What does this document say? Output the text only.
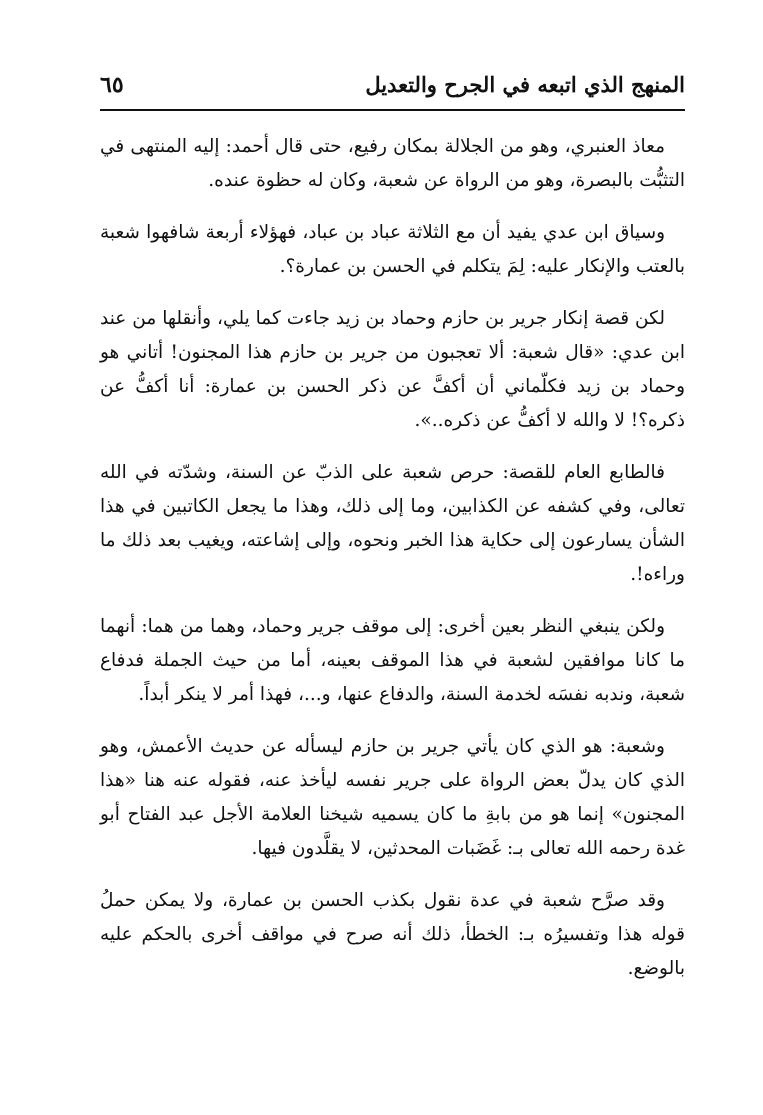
المنهج الذي اتبعه في الجرح والتعديل
٦٥

معاذ العنبري، وهو من الجلالة بمكان رفيع، حتى قال أحمد: إليه المنتهى في التثبُّت بالبصرة، وهو من الرواة عن شعبة، وكان له حظوة عنده.

وسياق ابن عدي يفيد أن مع الثلاثة عباد بن عباد، فهؤلاء أربعة شافهوا شعبة بالعتب والإنكار عليه: لِمَ يتكلم في الحسن بن عمارة؟.

لكن قصة إنكار جرير بن حازم وحماد بن زيد جاءت كما يلي، وأنقلها من عند ابن عدي: «قال شعبة: ألا تعجبون من جرير بن حازم هذا المجنون! أتاني هو وحماد بن زيد فكلّماني أن أكفَّ عن ذكر الحسن بن عمارة: أنا أكفُّ عن ذكره؟! لا والله لا أكفُّ عن ذكره..».

فالطابع العام للقصة: حرص شعبة على الذبّ عن السنة، وشدّته في الله تعالى، وفي كشفه عن الكذابين، وما إلى ذلك، وهذا ما يجعل الكاتبين في هذا الشأن يسارعون إلى حكاية هذا الخبر ونحوه، وإلى إشاعته، ويغيب بعد ذلك ما وراءه!.

ولكن ينبغي النظر بعين أخرى: إلى موقف جرير وحماد، وهما من هما: أنهما ما كانا موافقين لشعبة في هذا الموقف بعينه، أما من حيث الجملة فدفاع شعبة، وندبه نفسَه لخدمة السنة، والدفاع عنها، و...، فهذا أمر لا ينكر أبداً.

وشعبة: هو الذي كان يأتي جرير بن حازم ليسأله عن حديث الأعمش، وهو الذي كان يدلّ بعض الرواة على جرير نفسه ليأخذ عنه، فقوله عنه هنا «هذا المجنون» إنما هو من بابةِ ما كان يسميه شيخنا العلامة الأجل عبد الفتاح أبو غدة رحمه الله تعالى بـ: غَضَبات المحدثين، لا يقلَّدون فيها.

وقد صرَّح شعبة في عدة نقول بكذب الحسن بن عمارة، ولا يمكن حملُ قوله هذا وتفسيرُه بـ: الخطأ، ذلك أنه صرح في مواقف أخرى بالحكم عليه بالوضع.
